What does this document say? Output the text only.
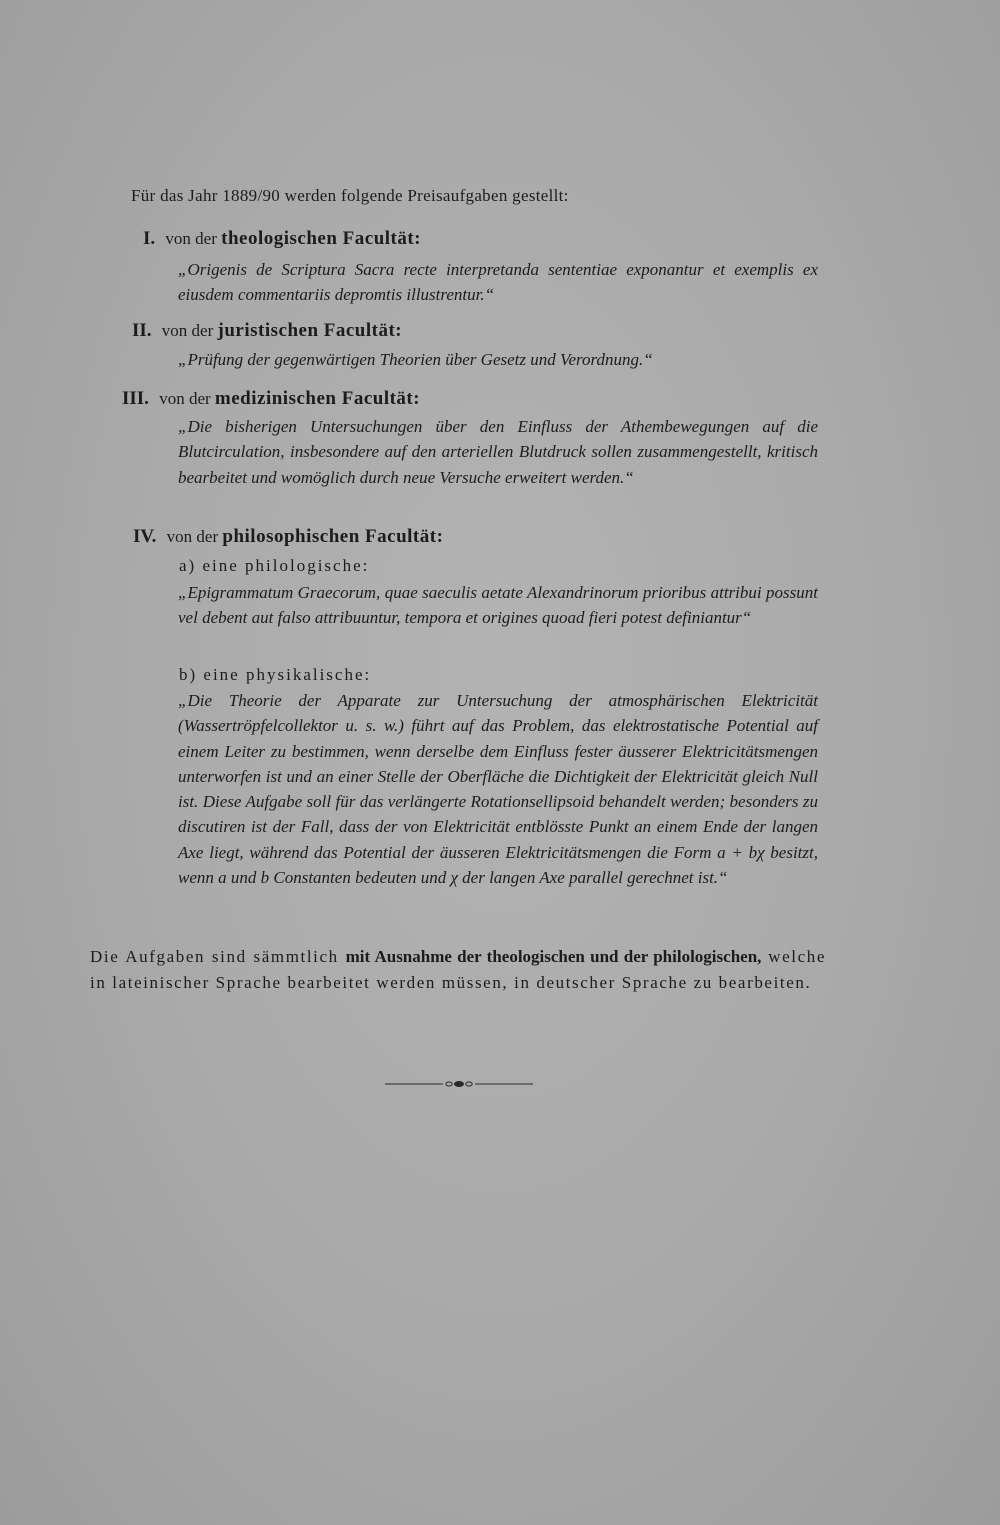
Für das Jahr 1889/90 werden folgende Preisaufgaben gestellt:
I. von der theologischen Facultät:
„Origenis de Scriptura Sacra recte interpretanda sententiae exponantur et exemplis ex eiusdem commentariis depromtis illustrentur.“
II. von der juristischen Facultät:
„Prüfung der gegenwärtigen Theorien über Gesetz und Verordnung.“
III. von der medizinischen Facultät:
„Die bisherigen Untersuchungen über den Einfluss der Athembewegungen auf die Blutcirculation, insbesondere auf den arteriellen Blutdruck sollen zusammengestellt, kritisch bearbeitet und womöglich durch neue Versuche erweitert werden.“
IV. von der philosophischen Facultät:
a) eine philologische:
„Epigrammatum Graecorum, quae saeculis aetate Alexandrinorum prioribus attribui possunt vel debent aut falso attribuuntur, tempora et origines quoad fieri potest definiantur“
b) eine physikalische:
„Die Theorie der Apparate zur Untersuchung der atmosphärischen Elektricität (Wassertröpfelcollektor u. s. w.) führt auf das Problem, das elektrostatische Potential auf einem Leiter zu bestimmen, wenn derselbe dem Einfluss fester äusserer Elektricitätsmengen unterworfen ist und an einer Stelle der Oberfläche die Dichtigkeit der Elektricität gleich Null ist. Diese Aufgabe soll für das verlängerte Rotationsellipsoid behandelt werden; besonders zu discutiren ist der Fall, dass der von Elektricität entblösste Punkt an einem Ende der langen Axe liegt, während das Potential der äusseren Elektricitätsmengen die Form a + bχ besitzt, wenn a und b Constanten bedeuten und χ der langen Axe parallel gerechnet ist.“
Die Aufgaben sind sämmtlich mit Ausnahme der theologischen und der philologischen, welche in lateinischer Sprache bearbeitet werden müssen, in deutscher Sprache zu bearbeiten.
